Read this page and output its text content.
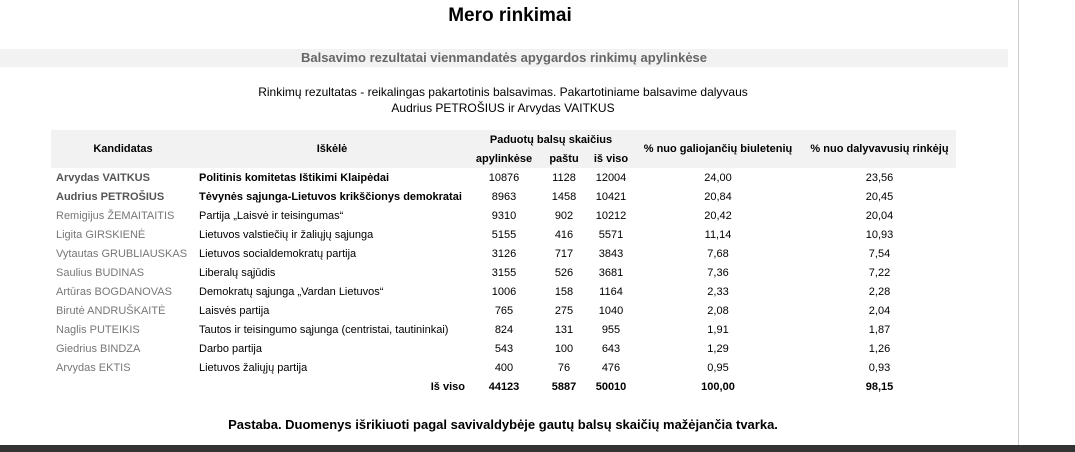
Mero rinkimai
Balsavimo rezultatai vienmandatės apygardos rinkimų apylinkėse
Rinkimų rezultatas - reikalingas pakartotinis balsavimas. Pakartotiniame balsavime dalyvaus
Audrius PETROŠIUS ir Arvydas VAITKUS
Kandidatas	Iškėlė	Paduotų balsų skaičius			% nuo galiojančių biuletenių	% nuo dalyvavusių rinkėjų
		apylinkėse	paštu	iš viso		
Arvydas VAITKUS	Politinis komitetas Ištikimi Klaipėdai	10876	1128	12004	24,00	23,56
Audrius PETROŠIUS	Tėvynės sąjunga-Lietuvos krikščionys demokratai	8963	1458	10421	20,84	20,45
Remigijus ŽEMAITAITIS	Partija „Laisvė ir teisingumas“	9310	902	10212	20,42	20,04
Ligita GIRSKIENĖ	Lietuvos valstiečių ir žaliųjų sąjunga	5155	416	5571	11,14	10,93
Vytautas GRUBLIAUSKAS	Lietuvos socialdemokratų partija	3126	717	3843	7,68	7,54
Saulius BUDINAS	Liberalų sąjūdis	3155	526	3681	7,36	7,22
Artūras BOGDANOVAS	Demokratų sąjunga „Vardan Lietuvos“	1006	158	1164	2,33	2,28
Birutė ANDRUŠKAITĖ	Laisvės partija	765	275	1040	2,08	2,04
Naglis PUTEIKIS	Tautos ir teisingumo sąjunga (centristai, tautininkai)	824	131	955	1,91	1,87
Giedrius BINDZA	Darbo partija	543	100	643	1,29	1,26
Arvydas EKTIS	Lietuvos žaliųjų partija	400	76	476	0,95	0,93
	Iš viso	44123	5887	50010	100,00	98,15
Pastaba. Duomenys išrikiuoti pagal savivaldybėje gautų balsų skaičių mažėjančia tvarka.
